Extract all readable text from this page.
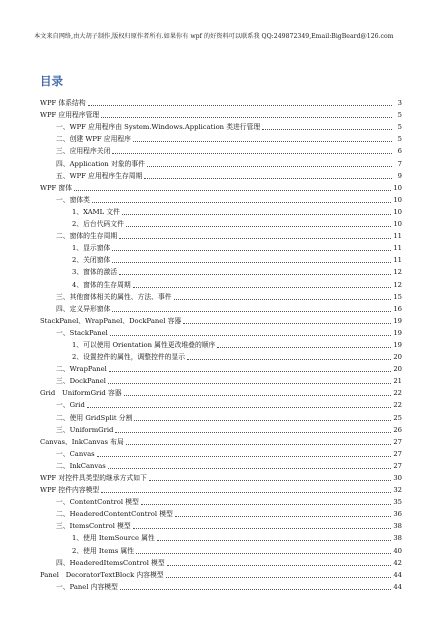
本文来自网络,由大胡子制作,版权归原作者所有.如果你有 wpf 的好资料可以联系我 QQ:249872349,Email:BigBeard@126.com
目录
WPF 体系结构	3
WPF 应用程序管理	5
一、WPF 应用程序由 System.Windows.Application 类进行管理	5
二、创建 WPF 应用程序	5
三、应用程序关闭	6
四、Application 对象的事件	7
五、WPF 应用程序生存周期	9
WPF 窗体	10
一、窗体类	10
1、XAML 文件	10
2、后台代码文件	10
二、窗体的生存周期	11
1、显示窗体	11
2、关闭窗体	11
3、窗体的激活	12
4、窗体的生存周期	12
三、其他窗体相关的属性、方法、事件	15
四、定义异形窗体	16
StackPanel、WrapPanel、DockPanel 容器	19
一、StackPanel	19
1、可以使用 Orientation 属性更改堆叠的顺序	19
2、设置控件的属性，调整控件的显示	20
二、WrapPanel	20
三、DockPanel	21
Grid　UniformGrid 容器	22
一、Grid	22
二、使用 GridSplit 分割	25
三、UniformGrid	26
Canvas、InkCanvas 布局	27
一、Canvas	27
二、InkCanvas	27
WPF 对控件具类型的继承方式如下	30
WPF 控件内容模型	32
一、ContentControl 模型	35
二、HeaderedContentControl 模型	36
三、ItemsControl 模型	38
1、使用 ItemSource 属性	38
2、使用 Items 属性	40
四、HeaderedItemsControl 模型	42
Panel　DecoratorTextBlock 内容模型	44
一、Panel 内容模型	44
